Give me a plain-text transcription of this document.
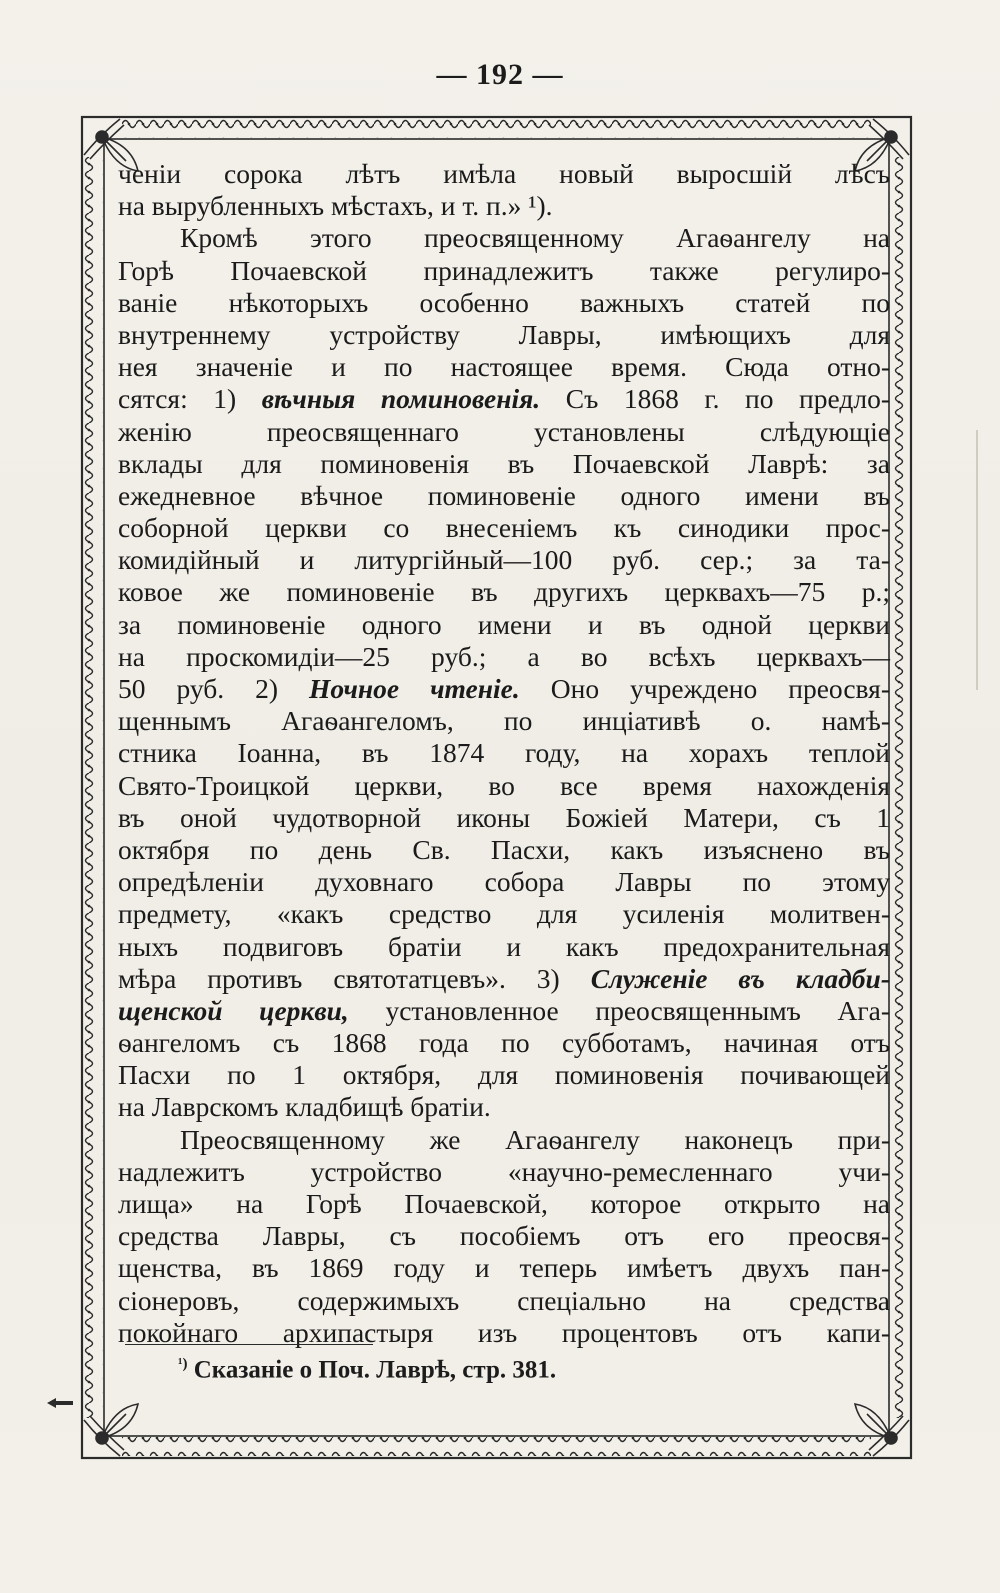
— 192 —
ченіи сорока лѣтъ имѣла новый выросшій лѣсъ
на вырубленныхъ мѣстахъ, и т. п.» ¹).
Кромѣ этого преосвященному Агаѳангелу на
Горѣ Почаевской принадлежитъ также регулиро-
ваніе нѣкоторыхъ особенно важныхъ статей по
внутреннему устройству Лавры, имѣющихъ для
нея значеніе и по настоящее время. Сюда отно-
сятся: 1) вѣчныя поминовенія. Съ 1868 г. по предло-
женію преосвященнаго установлены слѣдующіе
вклады для поминовенія въ Почаевской Лаврѣ: за
ежедневное вѣчное поминовеніе одного имени въ
соборной церкви со внесеніемъ къ синодики прос-
комидійный и литургійный—100 руб. сер.; за та-
ковое же поминовеніе въ другихъ церквахъ—75 р.;
за поминовеніе одного имени и въ одной церкви
на проскомидіи—25 руб.; а во всѣхъ церквахъ—
50 руб. 2) Ночное чтеніе. Оно учреждено преосвя-
щеннымъ Агаѳангеломъ, по инціативѣ о. намѣ-
стника Іоанна, въ 1874 году, на хорахъ теплой
Свято-Троицкой церкви, во все время нахожденія
въ оной чудотворной иконы Божіей Матери, съ 1
октября по день Св. Пасхи, какъ изъяснено въ
опредѣленіи духовнаго собора Лавры по этому
предмету, «какъ средство для усиленія молитвен-
ныхъ подвиговъ братіи и какъ предохранительная
мѣра противъ святотатцевъ». 3) Служеніе въ кладби-
щенской церкви, установленное преосвященнымъ Ага-
ѳангеломъ съ 1868 года по субботамъ, начиная отъ
Пасхи по 1 октября, для поминовенія почивающей
на Лаврскомъ кладбищѣ братіи.
Преосвященному же Агаѳангелу наконецъ при-
надлежитъ устройство «научно-ремесленнаго учи-
лища» на Горѣ Почаевской, которое открыто на
средства Лавры, съ пособіемъ отъ его преосвя-
щенства, въ 1869 году и теперь имѣетъ двухъ пан-
сіонеровъ, содержимыхъ спеціально на средства
покойнаго архипастыря изъ процентовъ отъ капи-
$^{^1)}$ Сказаніе о Поч. Лаврѣ, стр. 381.
